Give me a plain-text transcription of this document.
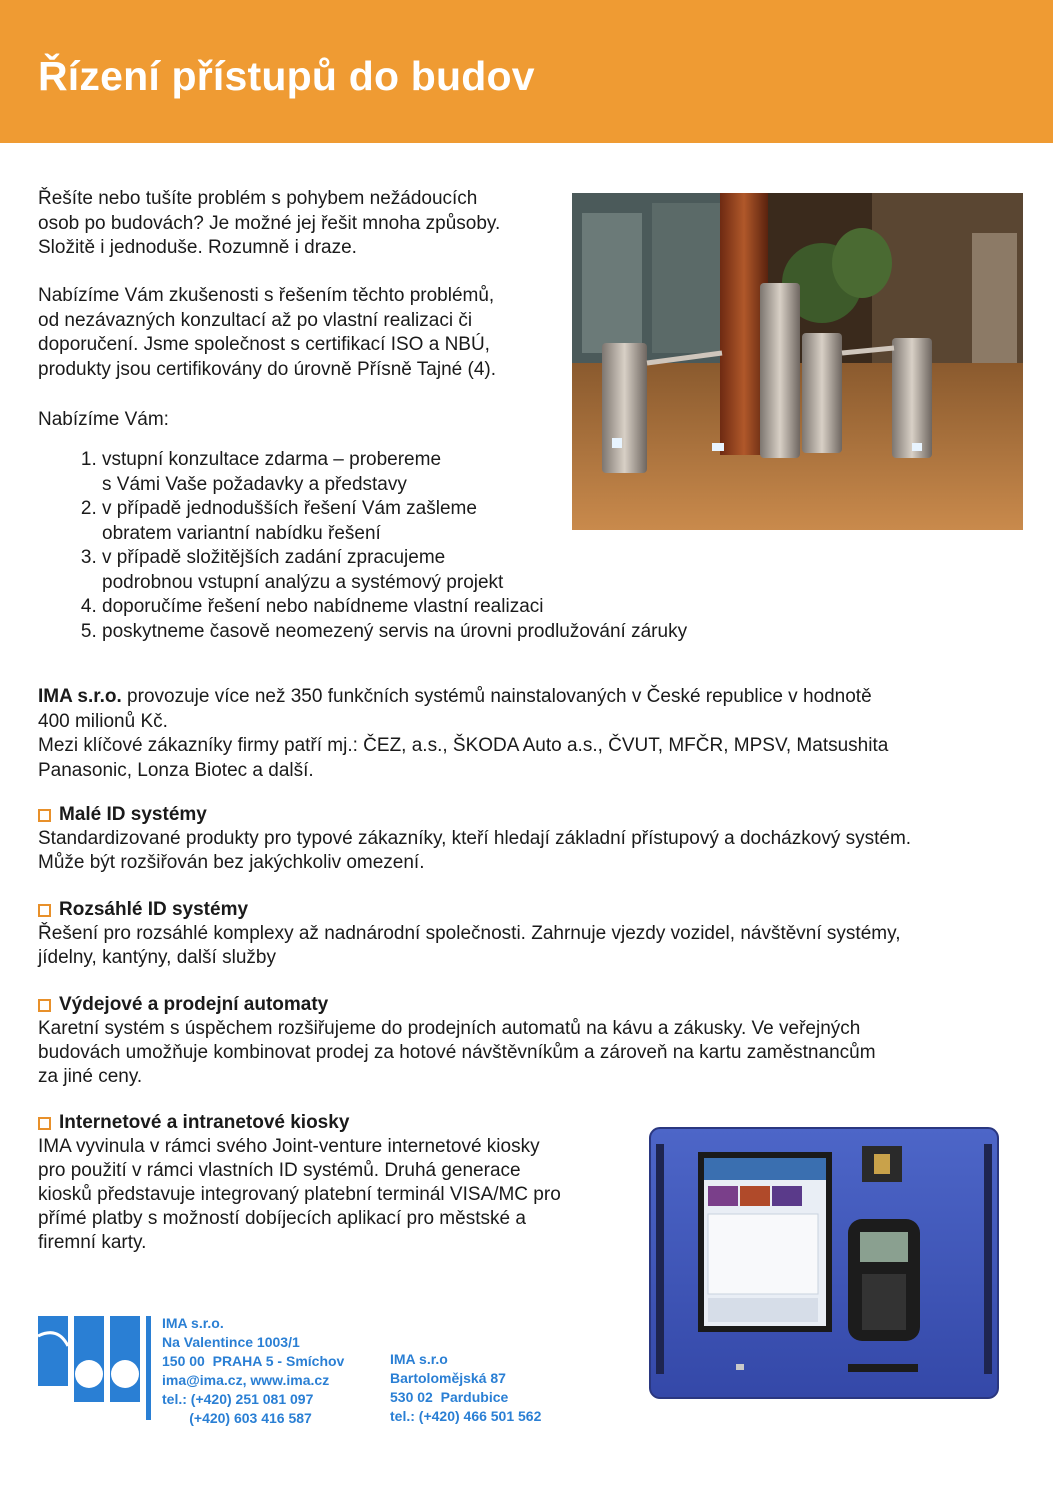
Řízení přístupů do budov

Řešíte nebo tušíte problém s pohybem nežádoucích
osob po budovách? Je možné jej řešit mnoha způsoby.
Složitě i jednoduše. Rozumně i draze.

Nabízíme Vám zkušenosti s řešením těchto problémů,
od nezávazných konzultací až po vlastní realizaci či
doporučení. Jsme společnost s certifikací ISO a NBÚ,
produkty jsou certifikovány do úrovně Přísně Tajné (4).

Nabízíme Vám:

1. vstupní konzultace zdarma – probereme
s Vámi Vaše požadavky a představy
2. v případě jednodušších řešení Vám zašleme
obratem variantní nabídku řešení
3. v případě složitějších zadání zpracujeme
podrobnou vstupní analýzu a systémový projekt
4. doporučíme řešení nebo nabídneme vlastní realizaci
5. poskytneme časově neomezený servis na úrovni prodlužování záruky

IMA s.r.o. provozuje více než 350 funkčních systémů nainstalovaných v České republice v hodnotě
400 milionů Kč.
Mezi klíčové zákazníky firmy patří mj.: ČEZ, a.s., ŠKODA Auto a.s., ČVUT, MFČR, MPSV, Matsushita
Panasonic, Lonza Biotec a další.

Malé ID systémy

Standardizované produkty pro typové zákazníky, kteří hledají základní přístupový a docházkový systém.
Může být rozšiřován bez jakýchkoliv omezení.

Rozsáhlé ID systémy

Řešení pro rozsáhlé komplexy až nadnárodní společnosti. Zahrnuje vjezdy vozidel, návštěvní systémy,
jídelny, kantýny, další služby

Výdejové a prodejní automaty

Karetní systém s úspěchem rozšiřujeme do prodejních automatů na kávu a zákusky. Ve veřejných
budovách umožňuje kombinovat prodej za hotové návštěvníkům a zároveň na kartu zaměstnancům
za jiné ceny.

Internetové a intranetové kiosky

IMA vyvinula v rámci svého Joint-venture internetové kiosky
pro použití v rámci vlastních ID systémů. Druhá generace
kiosků představuje integrovaný platební terminál VISA/MC pro
přímé platby s možností dobíjecích aplikací pro městské a
firemní karty.

IMA s.r.o.
Na Valentince 1003/1
150 00  PRAHA 5 - Smíchov
ima@ima.cz, www.ima.cz
tel.: (+420) 251 081 097
(+420) 603 416 587

IMA s.r.o
Bartolomějská 87
530 02  Pardubice
tel.: (+420) 466 501 562
